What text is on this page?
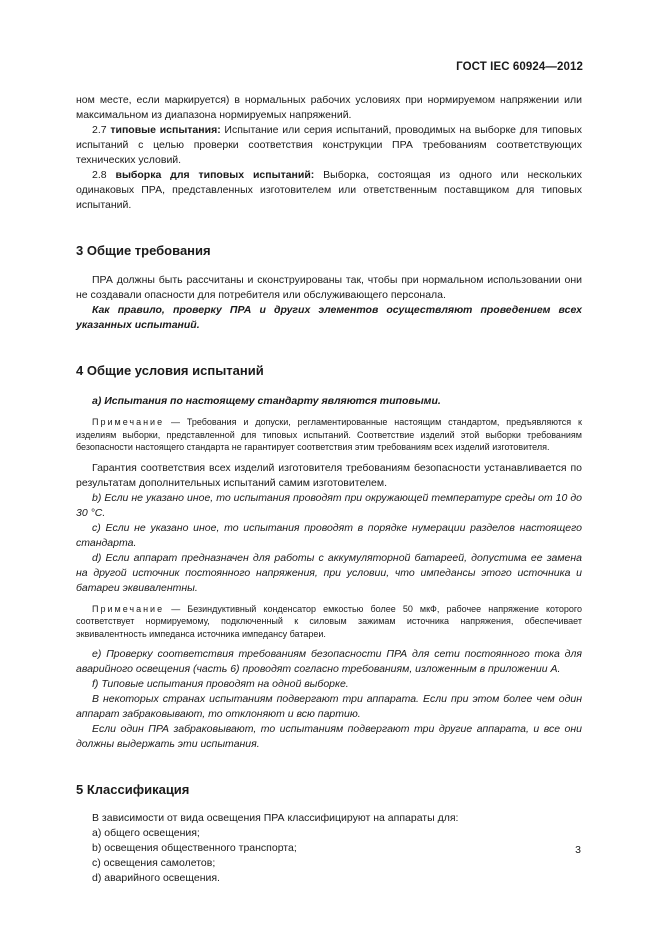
ГОСТ IEC 60924—2012

ном месте, если маркируется) в нормальных рабочих условиях при нормируемом напряжении или максимальном из диапазона нормируемых напряжений.

2.7 типовые испытания: Испытание или серия испытаний, проводимых на выборке для типовых испытаний с целью проверки соответствия конструкции ПРА требованиям соответствующих технических условий.

2.8 выборка для типовых испытаний: Выборка, состоящая из одного или нескольких одинаковых ПРА, представленных изготовителем или ответственным поставщиком для типовых испытаний.

3 Общие требования

ПРА должны быть рассчитаны и сконструированы так, чтобы при нормальном использовании они не создавали опасности для потребителя или обслуживающего персонала.

Как правило, проверку ПРА и других элементов осуществляют проведением всех указанных испытаний.

4 Общие условия испытаний

a) Испытания по настоящему стандарту являются типовыми.

Примечание — Требования и допуски, регламентированные настоящим стандартом, предъявляются к изделиям выборки, представленной для типовых испытаний. Соответствие изделий этой выборки требованиям безопасности настоящего стандарта не гарантирует соответствия этим требованиям всех изделий изготовителя.

Гарантия соответствия всех изделий изготовителя требованиям безопасности устанавливается по результатам дополнительных испытаний самим изготовителем.

b) Если не указано иное, то испытания проводят при окружающей температуре среды от 10 до 30 °С.

c) Если не указано иное, то испытания проводят в порядке нумерации разделов настоящего стандарта.

d) Если аппарат предназначен для работы с аккумуляторной батареей, допустима ее замена на другой источник постоянного напряжения, при условии, что импедансы этого источника и батареи эквивалентны.

Примечание — Безиндуктивный конденсатор емкостью более 50 мкФ, рабочее напряжение которого соответствует нормируемому, подключенный к силовым зажимам источника напряжения, обеспечивает эквивалентность импеданса источника импедансу батареи.

e) Проверку соответствия требованиям безопасности ПРА для сети постоянного тока для аварийного освещения (часть 6) проводят согласно требованиям, изложенным в приложении А.

f) Типовые испытания проводят на одной выборке.

В некоторых странах испытаниям подвергают три аппарата. Если при этом более чем один аппарат забраковывают, то отклоняют и всю партию.

Если один ПРА забраковывают, то испытаниям подвергают три другие аппарата, и все они должны выдержать эти испытания.

5 Классификация

В зависимости от вида освещения ПРА классифицируют на аппараты для:

a) общего освещения;

b) освещения общественного транспорта;

c) освещения самолетов;

d) аварийного освещения.

3
